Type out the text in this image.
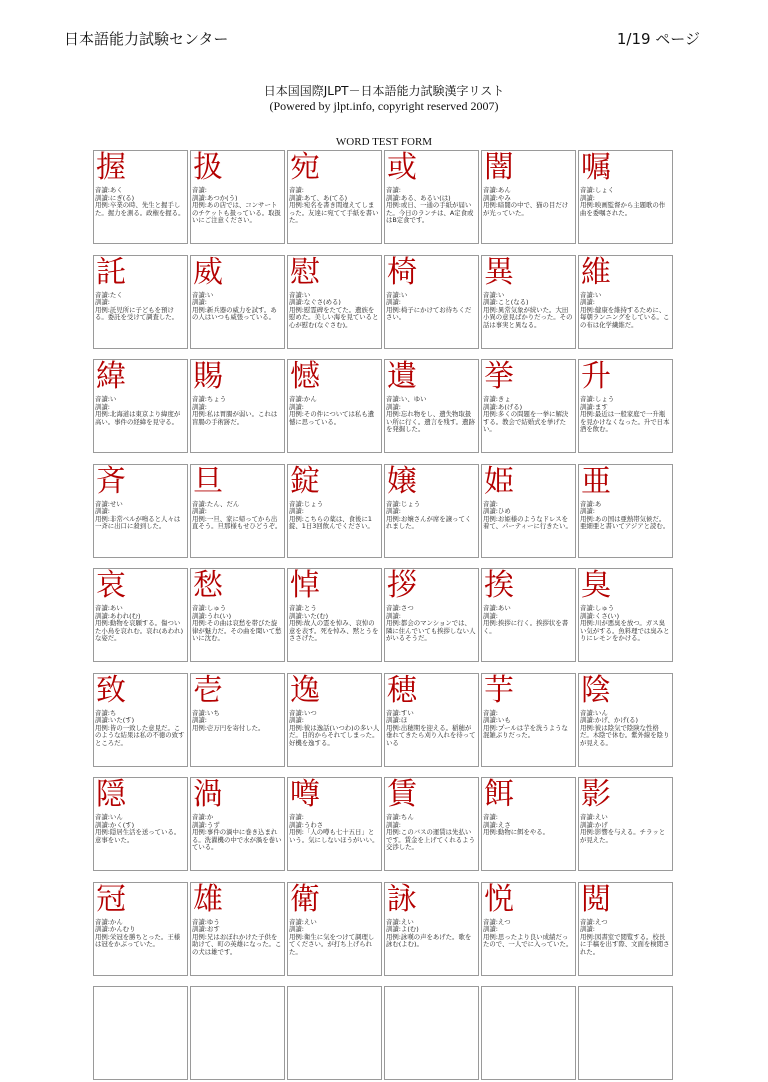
日本語能力試験センター	1/19 ページ
日本国国際JLPT－日本語能力試験漢字リスト
(Powered by jlpt.info, copyright reserved 2007)
WORD TEST FORM
握
音讀:あく
訓讀:にぎ(る)
用例:卒業の時、先生と握手した。握力を測る。政権を握る。
扱
音讀:
訓讀:あつか(う)
用例:あの店では、コンサートのチケットも扱っている。取扱いにご注意ください。
宛
音讀:
訓讀:あて、あ(てる)
用例:宛名を書き間違えてしまった。友達に宛てて手紙を書いた。
或
音讀:
訓讀:ある、あるい(は)
用例:或日、一通の手紙が届いた。今日のランチは、A定食或はB定食です。
闇
音讀:あん
訓讀:やみ
用例:暗闇の中で、猫の目だけが光っていた。
嘱
音讀:しょく
訓讀:
用例:映画監督から主題歌の作曲を委嘱された。
託
音讀:たく
訓讀:
用例:託児所に子どもを預ける。委託を受けて調査した。
威
音讀:い
訓讀:
用例:新兵器の威力を試す。あの人はいつも威張っている。
慰
音讀:い
訓讀:なぐさ(める)
用例:慰霊碑をたてた。遺族を慰めた。美しい海を見ていると心が慰む(なぐさむ)。
椅
音讀:い
訓讀:
用例:椅子にかけてお待ちください。
異
音讀:い
訓讀:こと(なる)
用例:異常気象が続いた。大田小異の意見ばかりだった。その話は事実と異なる。
維
音讀:い
訓讀:
用例:健康を維持するために、毎朝ランニングをしている。この布は化学繊維だ。
緯
音讀:い
訓讀:
用例:北海道は東京より緯度が高い。事件の経緯を見守る。
賜
音讀:ちょう
訓讀:
用例:私は胃腸が弱い。これは盲腸の手術跡だ。
憾
音讀:かん
訓讀:
用例:その件については私も遺憾に思っている。
遺
音讀:い、ゆい
訓讀:
用例:忘れ物をし、遺失物取扱い所に行く。遺言を残す。遺跡を発掘した。
挙
音讀:きょ
訓讀:あ(げる)
用例:多くの問題を一挙に解決する。教会で結婚式を挙げたい。
升
音讀:しょう
訓讀:ます
用例:最近は一般家庭で一升瓶を見かけなくなった。升で日本酒を飲む。
斉
音讀:せい
訓讀:
用例:非常ベルが鳴ると人々は一斉に出口に殺到した。
旦
音讀:たん、だん
訓讀:
用例:一旦、家に帰ってから出直そう。旦那様もせひどうぞ。
錠
音讀:じょう
訓讀:
用例:こちらの薬は、食後に1錠、1日3回飲んでください。
嬢
音讀:じょう
訓讀:
用例:お嬢さんが席を譲ってくれました。
姫
音讀:
訓讀:ひめ
用例:お姫様のようなドレスを着て、パーティーに行きたい。
亜
音讀:あ
訓讀:
用例:あの国は亜熱帯気候だ。亜細亜と書いてアジアと読む。
哀
音讀:あい
訓讀:あわれ(む)
用例:動物を哀願する。傷ついた小鳥を哀れむ。哀れ(あわれ)な姿だ。
愁
音讀:しゅう
訓讀:うれ(い)
用例:その曲は哀愁を帯びた旋律が魅力だ。その曲を聞いて愁いに沈む。
悼
音讀:とう
訓讀:いた(む)
用例:故人の霊を悼み、哀悼の意を表す。死を悼み、黙とうをささげた。
拶
音讀:さつ
訓讀:
用例:都会のマンションでは、隣に住んでいても挨拶しない人がいるそうだ。
挨
音讀:あい
訓讀:
用例:挨拶に行く。挨拶状を書く。
臭
音讀:しゅう
訓讀:くさ(い)
用例:川が悪臭を放つ。ガス臭い気がする。魚料理では臭みとりにレモンをかける。
致
音讀:ち
訓讀:いた(す)
用例:皆の一致した意見だ。このような結果は私の不徳の致すところだ。
壱
音讀:いち
訓讀:
用例:壱万円を寄付した。
逸
音讀:いつ
訓讀:
用例:彼は逸話(いつわ)の多い人だ。目的からそれてしまった。好機を逸する。
穂
音讀:すい
訓讀:ほ
用例:出穂期を迎える。稲穂が垂れてきたら刈り入れを待っている
芋
音讀:
訓讀:いも
用例:プールは芋を洗うような混雑ぶりだった。
陰
音讀:いん
訓讀:かげ、かげ(る)
用例:彼は陰気で陰険な性格だ。木陰で休む。紫外線を陰りが見える。
隠
音讀:いん
訓讀:かく(す)
用例:隠居生活を送っている。意事をいた。
渦
音讀:か
訓讀:うず
用例:事件の渦中に巻き込まれる。洗濯機の中で水が渦を巻いている。
噂
音讀:
訓讀:うわさ
用例:「人の噂も七十五日」という。気にしないほうがいい。
賃
音讀:ちん
訓讀:
用例:このバスの運賃は先払いです。賃金を上げてくれるよう交渉した。
餌
音讀:
訓讀:えさ
用例:動物に餌をやる。
影
音讀:えい
訓讀:かげ
用例:影響を与える。チラッとが見えた。
冠
音讀:かん
訓讀:かんむり
用例:栄冠を勝ちとった。王様は冠をかぶっていた。
雄
音讀:ゆう
訓讀:おす
用例:兄はおぼれかけた子供を助けて、町の英雄になった。この犬は雄です。
衛
音讀:えい
訓讀:
用例:衛生に気をつけて調理してください。が打ち上げられた。
詠
音讀:えい
訓讀:よ(む)
用例:詠嘆の声をあげた。歌を詠む(よむ)。
悦
音讀:えつ
訓讀:
用例:思ったより良い成績だったので、一人でに入っていた。
閲
音讀:えつ
訓讀:
用例:図書室で閲覧する。校長に手稿を出す際、文面を検閲された。
